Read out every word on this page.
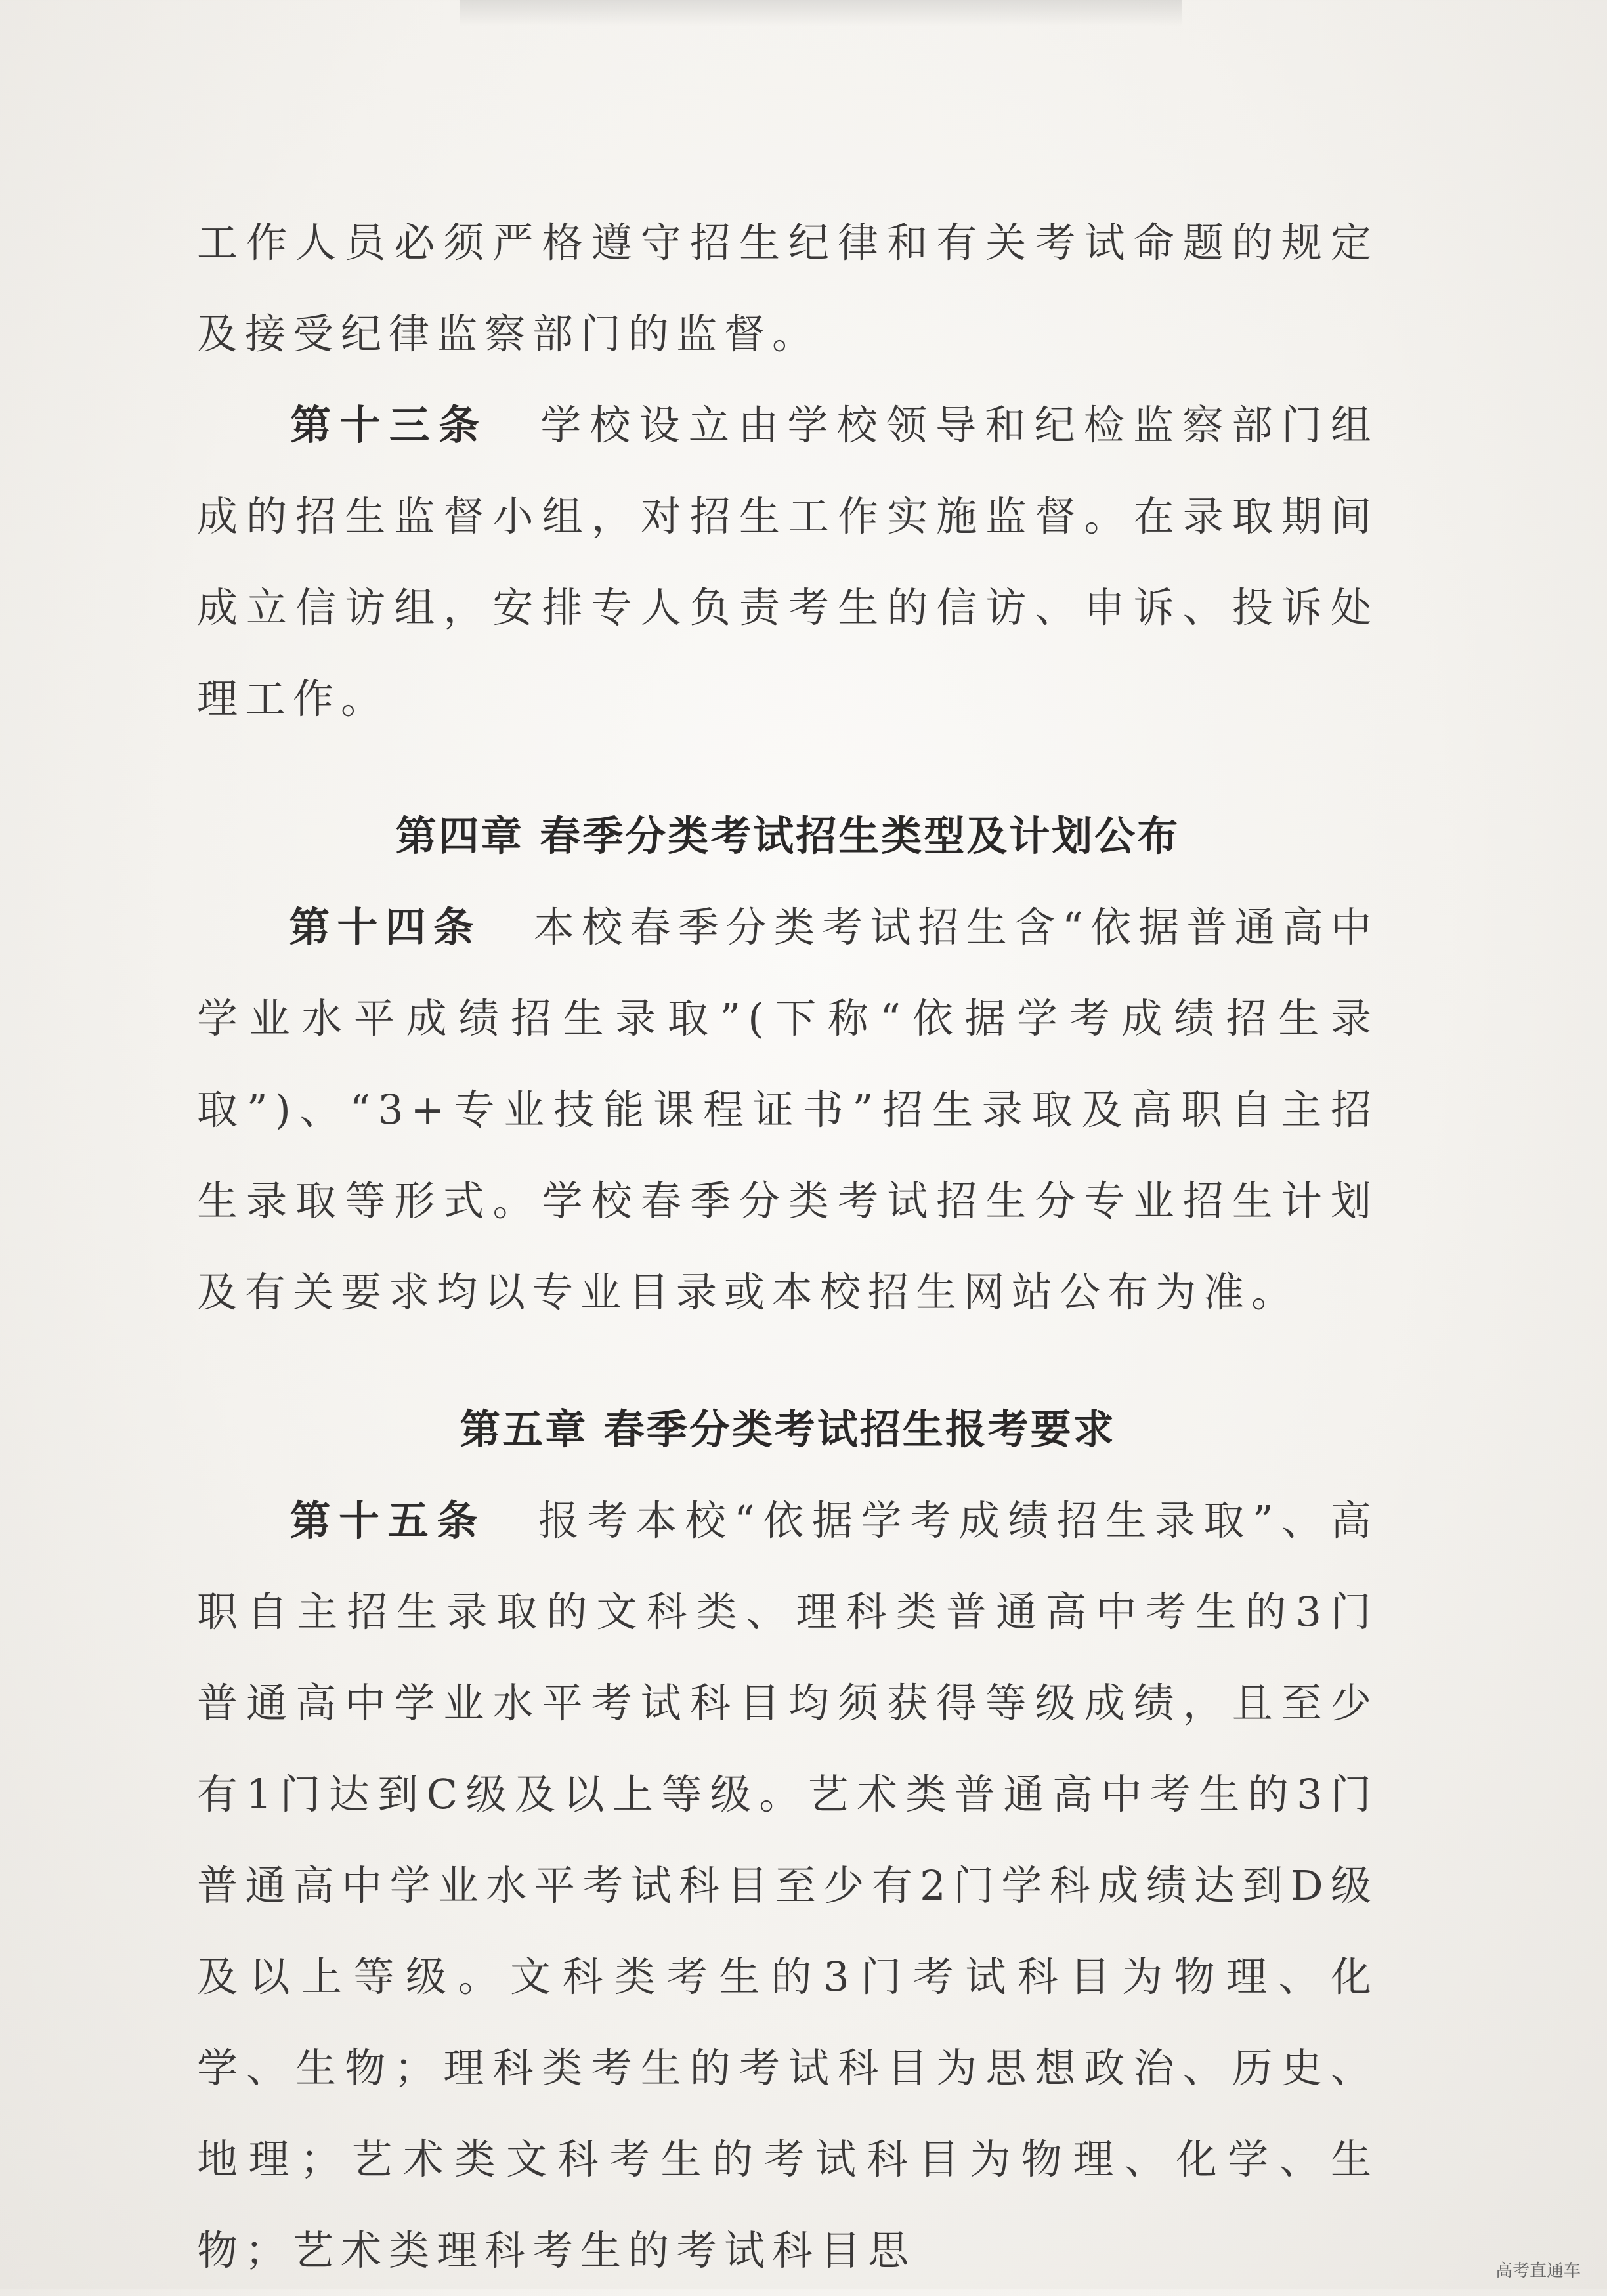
工作人员必须严格遵守招生纪律和有关考试命题的规定及接受纪律监察部门的监督。

第十三条 学校设立由学校领导和纪检监察部门组成的招生监督小组，对招生工作实施监督。在录取期间成立信访组，安排专人负责考生的信访、申诉、投诉处理工作。

第四章 春季分类考试招生类型及计划公布

第十四条 本校春季分类考试招生含“依据普通高中学业水平成绩招生录取”(下称“依据学考成绩招生录取”)、“3+专业技能课程证书”招生录取及高职自主招生录取等形式。学校春季分类考试招生分专业招生计划及有关要求均以专业目录或本校招生网站公布为准。

第五章 春季分类考试招生报考要求

第十五条 报考本校“依据学考成绩招生录取”、高职自主招生录取的文科类、理科类普通高中考生的3门普通高中学业水平考试科目均须获得等级成绩，且至少有1门达到C级及以上等级。艺术类普通高中考生的3门普通高中学业水平考试科目至少有2门学科成绩达到D级及以上等级。文科类考生的3门考试科目为物理、化学、生物；理科类考生的考试科目为思想政治、历史、地理；艺术类文科考生的考试科目为物理、化学、生物；艺术类理科考生的考试科目思	高考直通车
